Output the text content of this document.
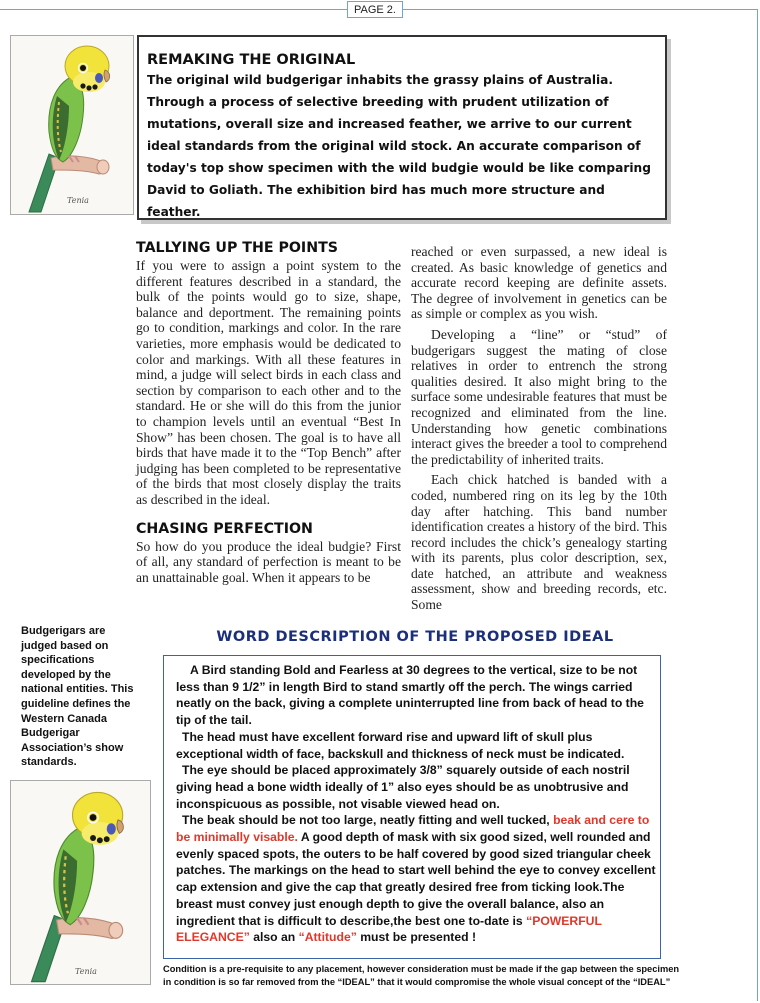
PAGE 2.
Tenia
REMAKING THE ORIGINAL

The original wild budgerigar inhabits the grassy plains of Australia. Through a process of selective breeding with prudent utilization of mutations, overall size and increased feather, we arrive to our current ideal standards from the original wild stock. An accurate comparison of today's top show specimen with the wild budgie would be like comparing David to Goliath. The exhibition bird has much more structure and feather.

TALLYING UP THE POINTS

If you were to assign a point system to the different features described in a standard, the bulk of the points would go to size, shape, balance and deportment. The remaining points go to condition, markings and color. In the rare varieties, more emphasis would be dedicated to color and markings. With all these features in mind, a judge will select birds in each class and section by comparison to each other and to the standard. He or she will do this from the junior to champion levels until an eventual “Best In Show” has been chosen. The goal is to have all birds that have made it to the “Top Bench” after judging has been completed to be representative of the birds that most closely display the traits as described in the ideal.

CHASING PERFECTION

So how do you produce the ideal budgie? First of all, any standard of perfection is meant to be an unattainable goal. When it appears to be

reached or even surpassed, a new ideal is created. As basic knowledge of genetics and accurate record keeping are definite assets. The degree of involvement in genetics can be as simple or complex as you wish.

Developing a “line” or “stud” of budgerigars suggest the mating of close relatives in order to entrench the strong qualities desired. It also might bring to the surface some undesirable features that must be recognized and eliminated from the line. Understanding how genetic combinations interact gives the breeder a tool to comprehend the predictability of inherited traits.

Each chick hatched is banded with a coded, numbered ring on its leg by the 10th day after hatching. This band number identification creates a history of the bird. This record includes the chick’s genealogy starting with its parents, plus color description, sex, date hatched, an attribute and weakness assessment, show and breeding records, etc. Some

Budgerigars are judged based on specifications developed by the national entities. This guideline defines the Western Canada Budgerigar Association’s show standards.
Tenia
WORD DESCRIPTION OF THE PROPOSED IDEAL

A Bird standing Bold and Fearless at 30 degrees to the vertical, size to be not less than 9 1/2” in length Bird to stand smartly off the perch. The wings carried neatly on the back, giving a complete uninterrupted line from back of head to the tip of the tail.

The head must have excellent forward rise and upward lift of skull plus exceptional width of face, backskull and thickness of neck must be indicated.

The eye should be placed approximately 3/8” squarely outside of each nostril giving head a bone width ideally of 1” also eyes should be as unobtrusive and inconspicuous as possible, not visable viewed head on.

The beak should be not too large, neatly fitting and well tucked, beak and cere to be minimally visable. A good depth of mask with six good sized, well rounded and evenly spaced spots, the outers to be half covered by good sized triangular cheek patches. The markings on the head to start well behind the eye to convey excellent cap extension and give the cap that greatly desired free from ticking look.The breast must convey just enough depth to give the overall balance, also an ingredient that is difficult to describe,the best one to-date is “POWERFUL ELEGANCE” also an “Attitude” must be presented !

Condition is a pre-requisite to any placement, however consideration must be made if the gap between the specimen in condition is so far removed from the “IDEAL” that it would compromise the whole visual concept of the “IDEAL”
